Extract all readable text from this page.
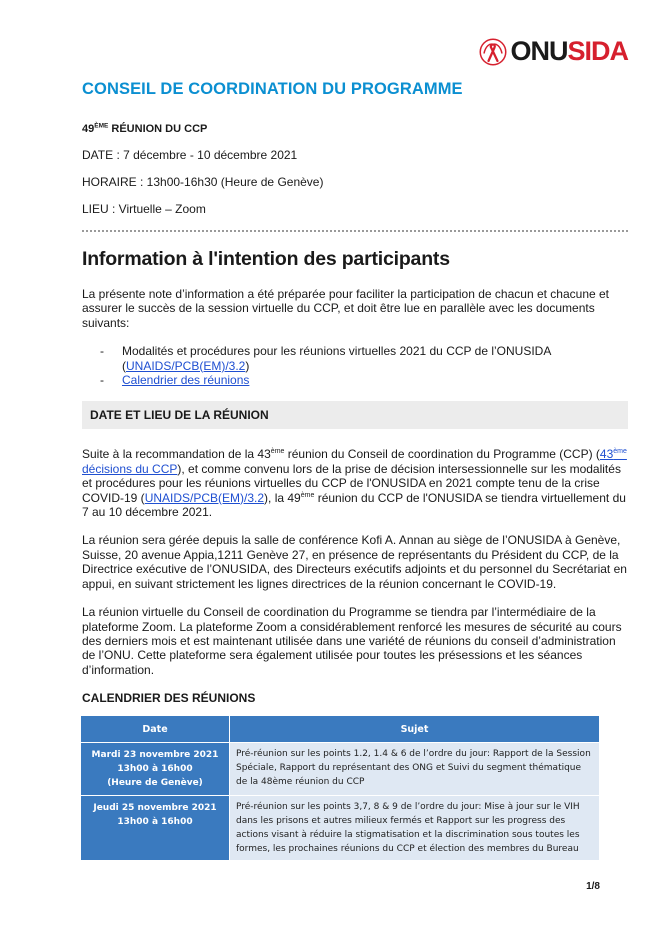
ONUSIDA
CONSEIL DE COORDINATION DU PROGRAMME
49ÈME RÉUNION DU CCP
DATE : 7 décembre - 10 décembre 2021
HORAIRE : 13h00-16h30 (Heure de Genève)
LIEU : Virtuelle – Zoom
Information à l'intention des participants

La présente note d’information a été préparée pour faciliter la participation de chacun et chacune et assurer le succès de la session virtuelle du CCP, et doit être lue en parallèle avec les documents suivants:

- Modalités et procédures pour les réunions virtuelles 2021 du CCP de l’ONUSIDA
(UNAIDS/PCB(EM)/3.2)
- Calendrier des réunions
DATE ET LIEU DE LA RÉUNION

Suite à la recommandation de la 43ème réunion du Conseil de coordination du Programme (CCP) (43ème décisions du CCP), et comme convenu lors de la prise de décision intersessionnelle sur les modalités et procédures pour les réunions virtuelles du CCP de l'ONUSIDA en 2021 compte tenu de la crise COVID-19 (UNAIDS/PCB(EM)/3.2), la 49ème réunion du CCP de l'ONUSIDA se tiendra virtuellement du 7 au 10 décembre 2021.

La réunion sera gérée depuis la salle de conférence Kofi A. Annan au siège de l’ONUSIDA à Genève, Suisse, 20 avenue Appia,1211 Genève 27, en présence de représentants du Président du CCP, de la Directrice exécutive de l’ONUSIDA, des Directeurs exécutifs adjoints et du personnel du Secrétariat en appui, en suivant strictement les lignes directrices de la réunion concernant le COVID-19.

La réunion virtuelle du Conseil de coordination du Programme se tiendra par l’intermédiaire de la plateforme Zoom. La plateforme Zoom a considérablement renforcé les mesures de sécurité au cours des derniers mois et est maintenant utilisée dans une variété de réunions du conseil d’administration de l’ONU. Cette plateforme sera également utilisée pour toutes les présessions et les séances d’information.

CALENDRIER DES RÉUNIONS
Date	Sujet

Mardi 23 novembre 2021
13h00 à 16h00
(Heure de Genève)	Pré-réunion sur les points 1.2, 1.4 & 6 de l’ordre du jour: Rapport de la Session Spéciale, Rapport du représentant des ONG et Suivi du segment thématique de la 48ème réunion du CCP

Jeudi 25 novembre 2021
13h00 à 16h00	Pré-réunion sur les points 3,7, 8 & 9 de l’ordre du jour: Mise à jour sur le VIH dans les prisons et autres milieux fermés et Rapport sur les progress des actions visant à réduire la stigmatisation et la discrimination sous toutes les formes, les prochaines réunions du CCP et élection des membres du Bureau
1/8
